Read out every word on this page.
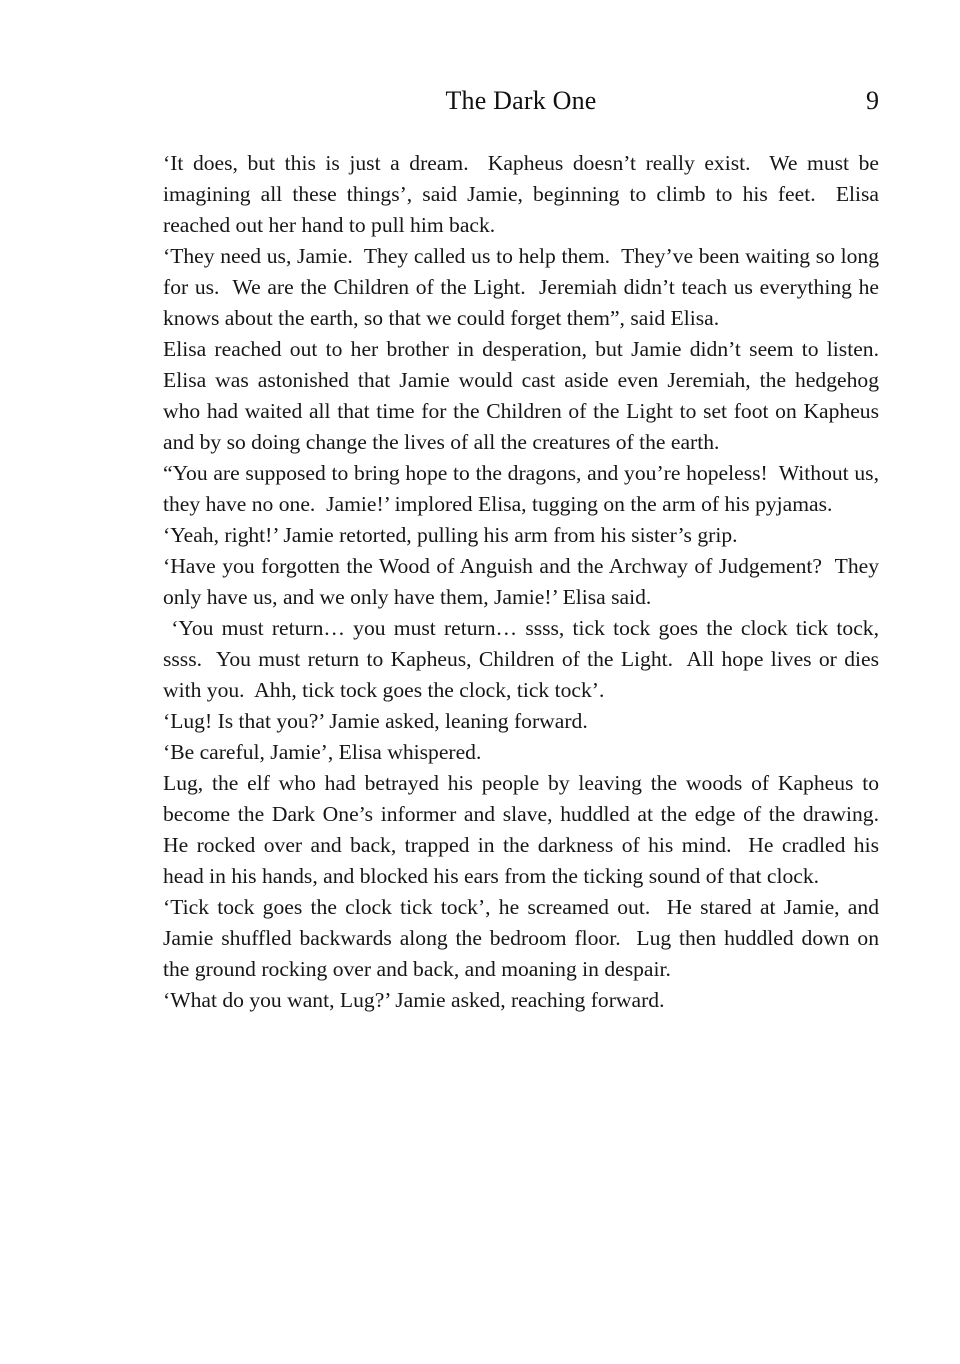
The Dark One	9

‘It does, but this is just a dream.  Kapheus doesn’t really exist.  We must be imagining all these things’, said Jamie, beginning to climb to his feet.  Elisa reached out her hand to pull him back.

‘They need us, Jamie.  They called us to help them.  They’ve been waiting so long for us.  We are the Children of the Light.  Jeremiah didn’t teach us everything he knows about the earth, so that we could forget them”, said Elisa.

Elisa reached out to her brother in desperation, but Jamie didn’t seem to listen.  Elisa was astonished that Jamie would cast aside even Jeremiah, the hedgehog who had waited all that time for the Children of the Light to set foot on Kapheus and by so doing change the lives of all the creatures of the earth.

“You are supposed to bring hope to the dragons, and you’re hopeless!  Without us, they have no one.  Jamie!’ implored Elisa, tugging on the arm of his pyjamas.

‘Yeah, right!’ Jamie retorted, pulling his arm from his sister’s grip.

‘Have you forgotten the Wood of Anguish and the Archway of Judgement?  They only have us, and we only have them, Jamie!’ Elisa said.

‘You must return… you must return… ssss, tick tock goes the clock tick tock, ssss.  You must return to Kapheus, Children of the Light.  All hope lives or dies with you.  Ahh, tick tock goes the clock, tick tock’.

‘Lug! Is that you?’ Jamie asked, leaning forward.

‘Be careful, Jamie’, Elisa whispered.

Lug, the elf who had betrayed his people by leaving the woods of Kapheus to become the Dark One’s informer and slave, huddled at the edge of the drawing.  He rocked over and back, trapped in the darkness of his mind.  He cradled his head in his hands, and blocked his ears from the ticking sound of that clock.

‘Tick tock goes the clock tick tock’, he screamed out.  He stared at Jamie, and Jamie shuffled backwards along the bedroom floor.  Lug then huddled down on the ground rocking over and back, and moaning in despair.

‘What do you want, Lug?’ Jamie asked, reaching forward.
